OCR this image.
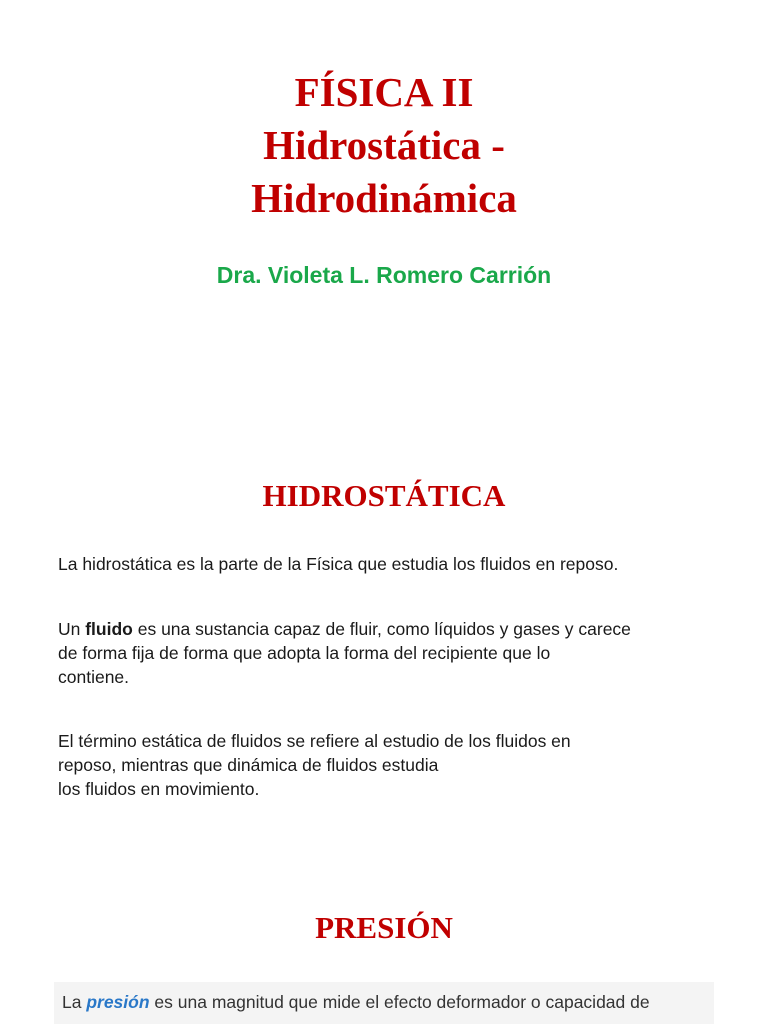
FÍSICA II

Hidrostática -

Hidrodinámica

Dra. Violeta L. Romero Carrión

HIDROSTÁTICA

La hidrostática es la parte de la Física que estudia los fluidos en reposo.

Un fluido es una sustancia capaz de fluir, como líquidos y gases y carece
de forma fija de forma que adopta la forma del recipiente que lo
contiene.

El término estática de fluidos se refiere al estudio de los fluidos en
reposo, mientras que dinámica de fluidos estudia
los fluidos en movimiento.

PRESIÓN

La presión es una magnitud que mide el efecto deformador o capacidad de
